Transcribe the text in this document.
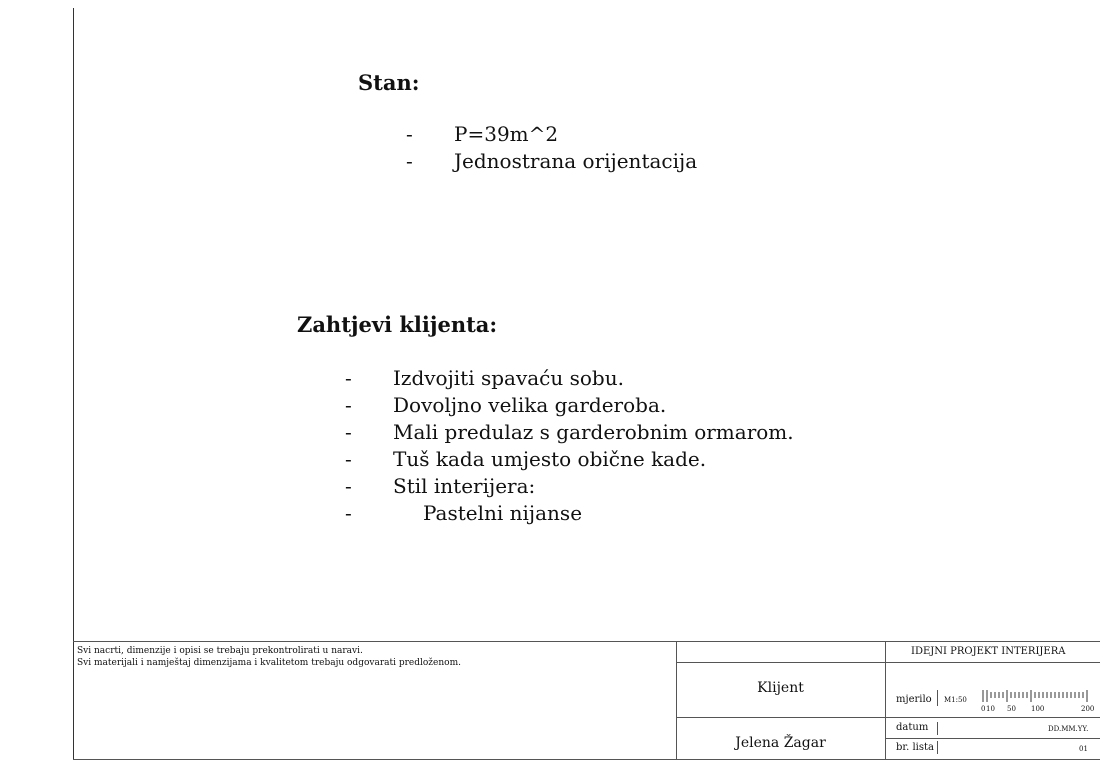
Stan:
- P=39m^2
- Jednostrana orijentacija
Zahtjevi klijenta:
- Izdvojiti spavaću sobu.
- Dovoljno velika garderoba.
- Mali predulaz s garderobnim ormarom.
- Tuš kada umjesto obične kade.
- Stil interijera:
-	Pastelni nijanse
Svi nacrti, dimenzije i opisi se trebaju prekontrolirati u naravi.
Svi materijali i namještaj dimenzijama i kvalitetom trebaju odgovarati predloženom.
IDEJNI PROJEKT INTERIJERA
Klijent
Jelena Žagar
mjerilo M1:50
0 10 50 100	200
datum	DD.MM.YY.
br. lista	01
